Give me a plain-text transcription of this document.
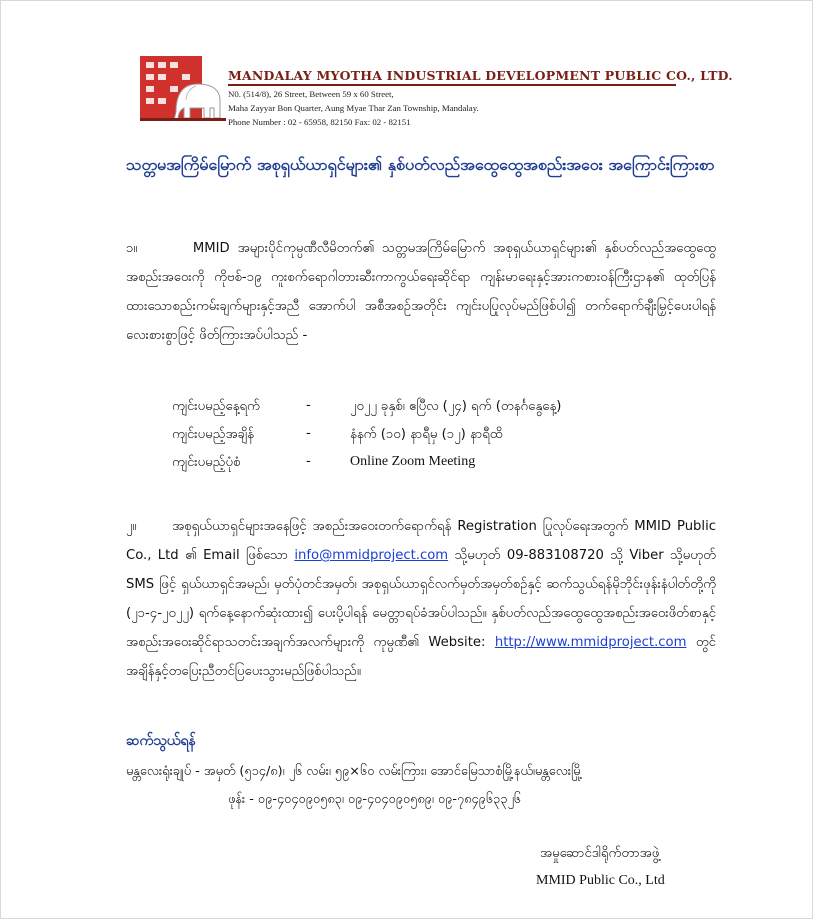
MANDALAY MYOTHA INDUSTRIAL DEVELOPMENT PUBLIC CO., LTD.
N0. (514/8), 26 Street, Between 59 x 60 Street,
Maha Zayyar Bon Quarter, Aung Myae Thar Zan Township, Mandalay.
Phone Number : 02 - 65958, 82150 Fax: 02 - 82151
သတ္တမအကြိမ်မြောက် အစုရှယ်ယာရှင်များ၏ နှစ်ပတ်လည်အထွေထွေအစည်းအဝေး အကြောင်းကြားစာ
၁။	MMID အများပိုင်ကုမ္ပဏီလီမိတက်၏ သတ္တမအကြိမ်မြောက် အစုရှယ်ယာရှင်များ၏ နှစ်ပတ်လည်အထွေထွေအစည်းအဝေးကို ကိုဗစ်-၁၉ ကူးစက်ရောဂါတားဆီးကာကွယ်ရေးဆိုင်ရာ ကျန်းမာရေးနှင့်အားကစားဝန်ကြီးဌာန၏ ထုတ်ပြန်ထားသောစည်းကမ်းချက်များနှင့်အညီ အောက်ပါ အစီအစဉ်အတိုင်း ကျင်းပပြုလုပ်မည်ဖြစ်ပါ၍ တက်ရောက်ချီးမြှင့်ပေးပါရန် လေးစားစွာဖြင့် ဖိတ်ကြားအပ်ပါသည် -
ကျင်းပမည့်နေ့ရက်	-	၂၀၂၂ ခုနှစ်၊ ဧပြီလ (၂၄) ရက် (တနင်္ဂနွေနေ့)
ကျင်းပမည့်အချိန်	-	နံနက် (၁၀) နာရီမှ (၁၂) နာရီထိ
ကျင်းပမည့်ပုံစံ	-	Online Zoom Meeting
၂။	အစုရှယ်ယာရှင်များအနေဖြင့် အစည်းအဝေးတက်ရောက်ရန် Registration ပြုလုပ်ရေးအတွက် MMID Public Co., Ltd ၏ Email ဖြစ်သော info@mmidproject.com သို့မဟုတ် 09-883108720 သို့ Viber သို့မဟုတ် SMS ဖြင့် ရှယ်ယာရှင်အမည်၊ မှတ်ပုံတင်အမှတ်၊ အစုရှယ်ယာရှင်လက်မှတ်အမှတ်စဉ်နှင့် ဆက်သွယ်ရန်မိုဘိုင်းဖုန်းနံပါတ်တို့ကို (၂၁-၄-၂၀၂၂) ရက်နေ့နောက်ဆုံးထား၍ ပေးပို့ပါရန် မေတ္တာရပ်ခံအပ်ပါသည်။ နှစ်ပတ်လည်အထွေထွေအစည်းအဝေးဖိတ်စာနှင့် အစည်းအဝေးဆိုင်ရာသတင်းအချက်အလက်များကို ကုမ္ပဏီ၏ Website: http://www.mmidproject.com တွင် အချိန်နှင့်တပြေးညီတင်ပြပေးသွားမည်ဖြစ်ပါသည်။
ဆက်သွယ်ရန်
မန္တလေးရုံးချုပ် - အမှတ် (၅၁၄/၈)၊ ၂၆ လမ်း၊ ၅၉×၆၀ လမ်းကြား၊ အောင်မြေသာစံမြို့နယ်၊မန္တလေးမြို့
ဖုန်း - ၀၉-၄၀၄၀၉၀၅၈၃၊ ၀၉-၄၀၄၀၉၀၅၈၉၊ ၀၉-၇၈၄၉၆၃၃၂၆
အမှုဆောင်ဒါရိုက်တာအဖွဲ့
MMID Public Co., Ltd
